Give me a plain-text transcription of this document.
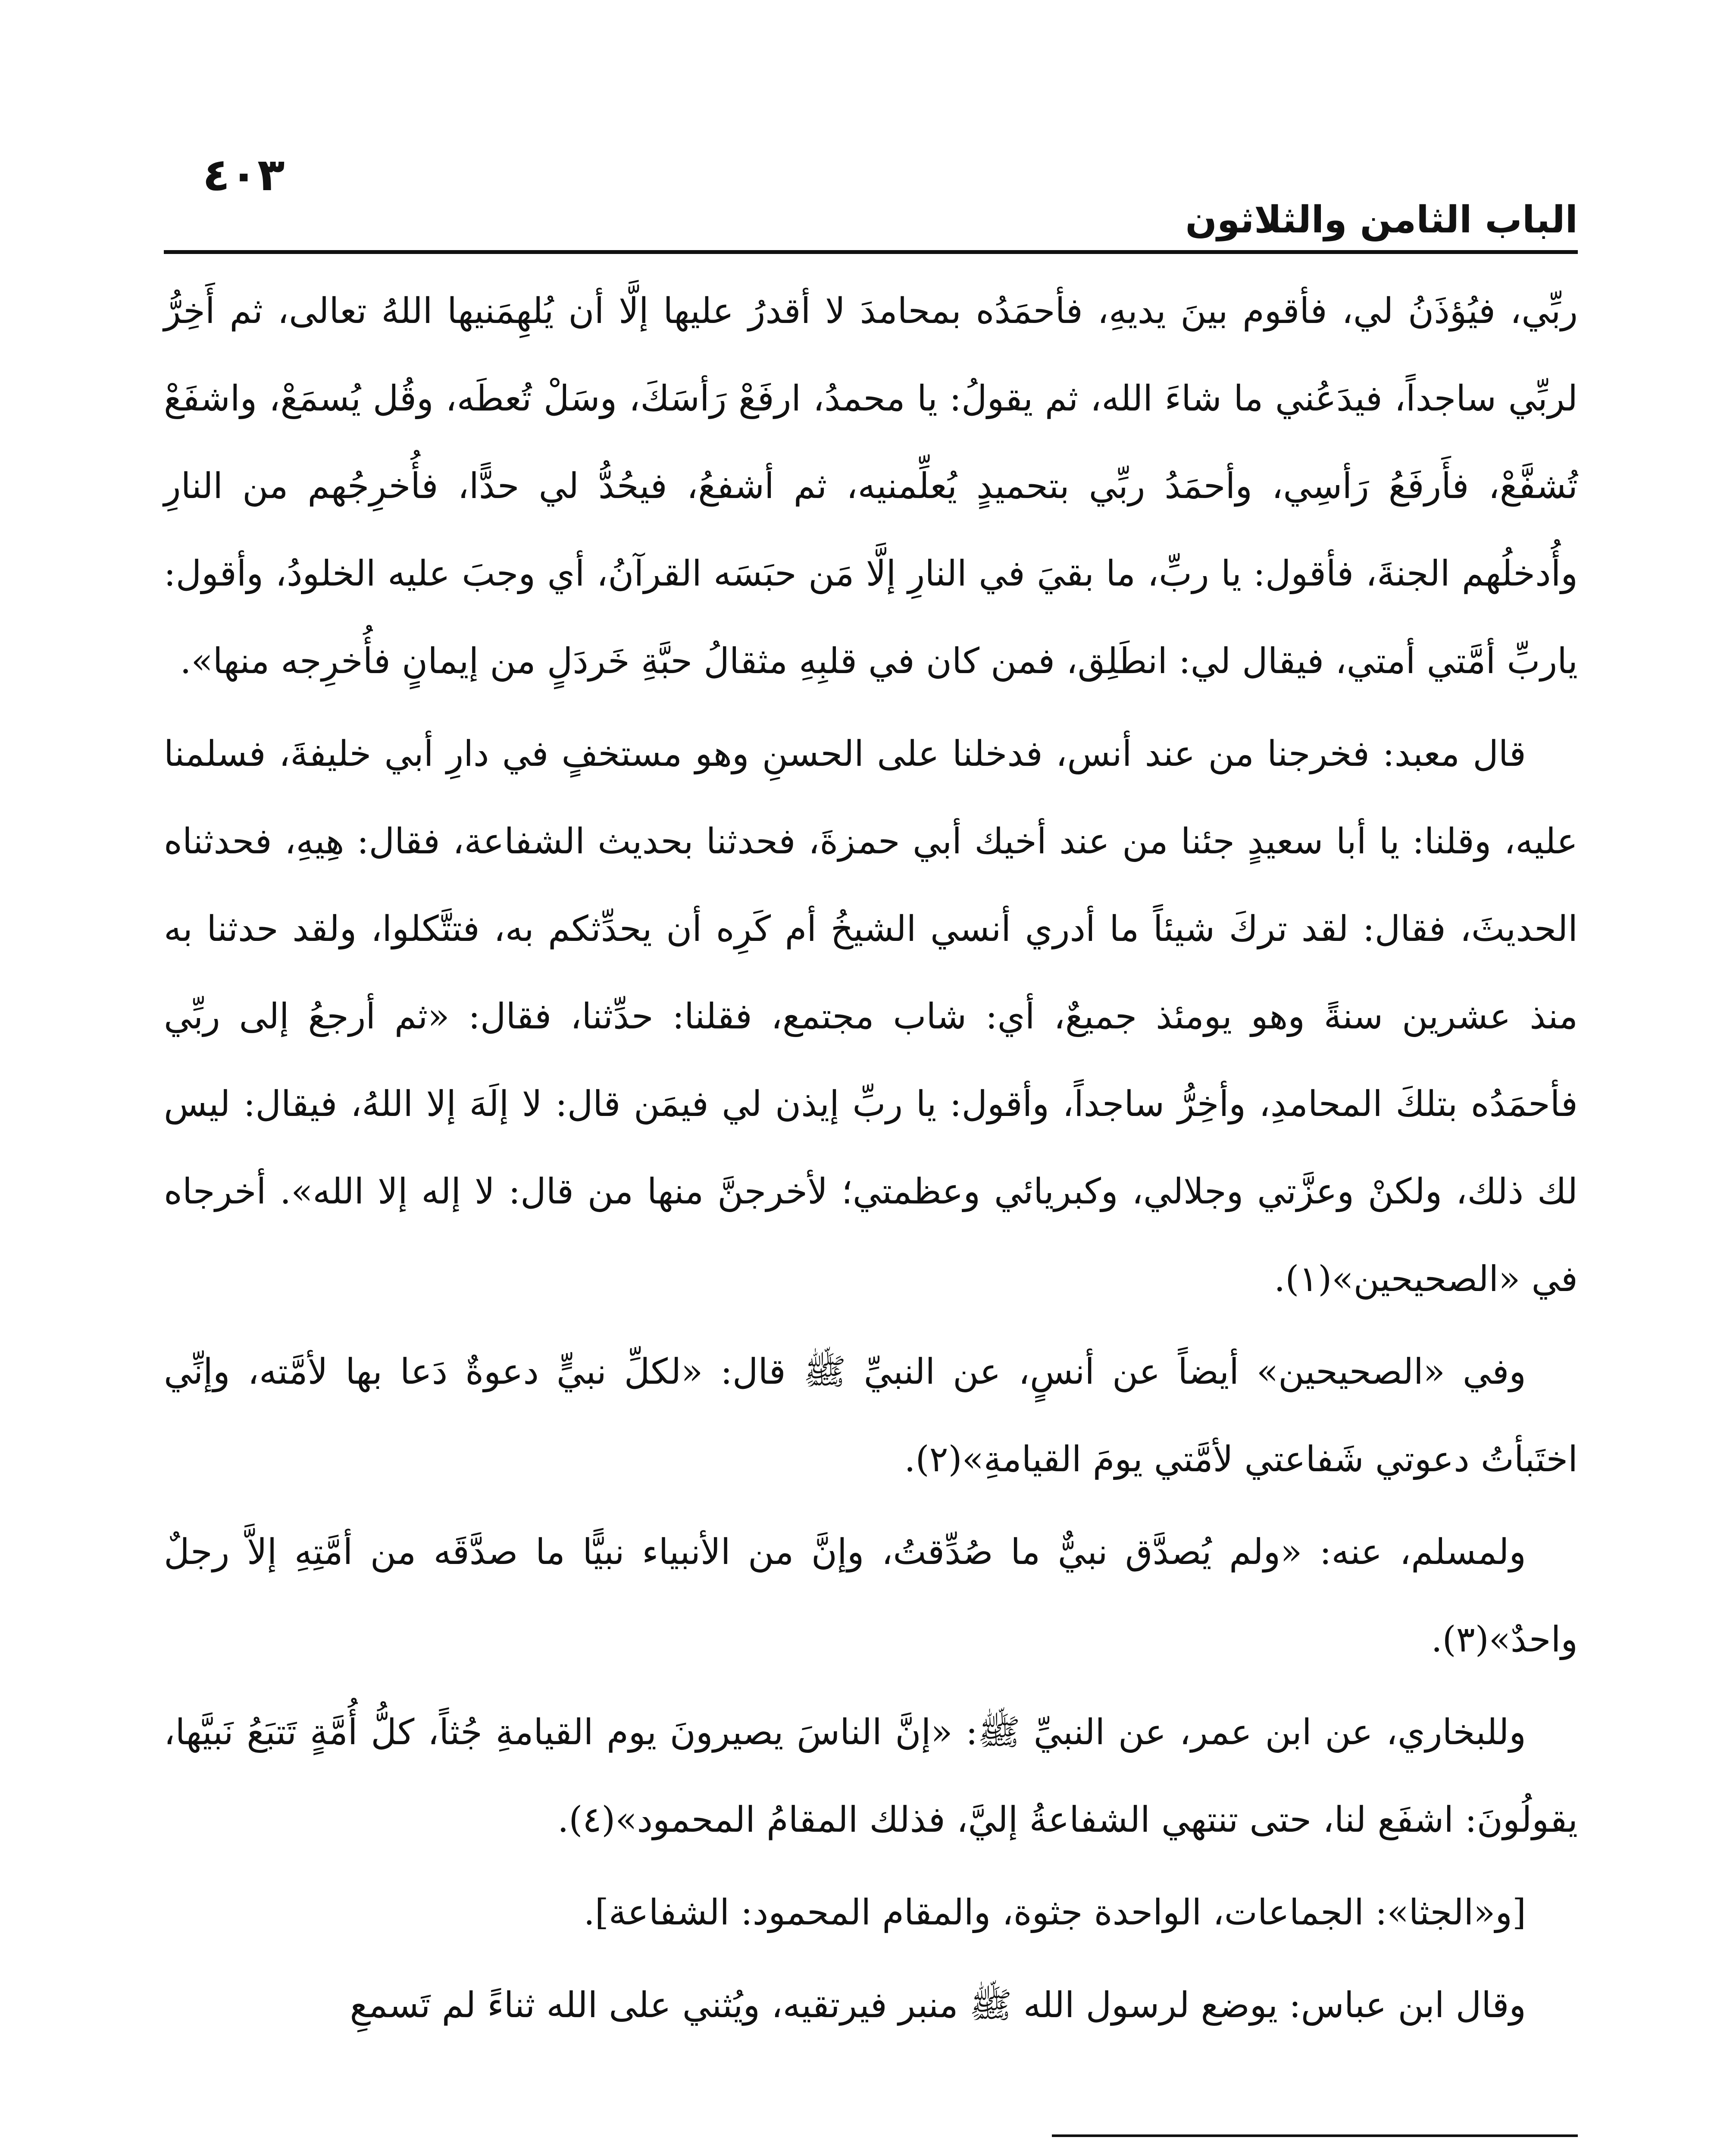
الباب الثامن والثلاثون
٤٠٣

ربِّي، فيُؤذَنُ لي، فأقوم بينَ يديهِ، فأحمَدُه بمحامدَ لا أقدرُ عليها إلَّا أن يُلهِمَنيها اللهُ تعالى، ثم أَخِرُّ لربِّي ساجداً، فيدَعُني ما شاءَ الله، ثم يقولُ: يا محمدُ، ارفَعْ رَأسَكَ، وسَلْ تُعطَه، وقُل يُسمَعْ، واشفَعْ تُشفَّعْ، فأَرفَعُ رَأسِي، وأحمَدُ ربِّي بتحميدٍ يُعلِّمنيه، ثم أشفعُ، فيحُدُّ لي حدًّا، فأُخرِجُهم من النارِ وأُدخلُهم الجنةَ، فأقول: يا ربِّ، ما بقيَ في النارِ إلَّا مَن حبَسَه القرآنُ، أي وجبَ عليه الخلودُ، وأقول: ياربِّ أمَّتي أمتي، فيقال لي: انطَلِق، فمن كان في قلبِهِ مثقالُ حبَّةِ خَردَلٍ من إيمانٍ فأُخرِجه منها».

قال معبد: فخرجنا من عند أنس، فدخلنا على الحسنِ وهو مستخفٍ في دارِ أبي خليفةَ، فسلمنا عليه، وقلنا: يا أبا سعيدٍ جئنا من عند أخيك أبي حمزةَ، فحدثنا بحديث الشفاعة، فقال: هِيهِ، فحدثناه الحديثَ، فقال: لقد تركَ شيئاً ما أدري أنسي الشيخُ أم كَرِه أن يحدِّثكم به، فتتَّكلوا، ولقد حدثنا به منذ عشرين سنةً وهو يومئذ جميعٌ، أي: شاب مجتمع، فقلنا: حدِّثنا، فقال: «ثم أرجعُ إلى ربِّي فأحمَدُه بتلكَ المحامدِ، وأخِرُّ ساجداً، وأقول: يا ربِّ إيذن لي فيمَن قال: لا إلَهَ إلا اللهُ، فيقال: ليس لك ذلك، ولكنْ وعزَّتي وجلالي، وكبريائي وعظمتي؛ لأخرجنَّ منها من قال: لا إله إلا الله». أخرجاه في «الصحيحين»(١).

وفي «الصحيحين» أيضاً عن أنسٍ، عن النبيِّ ﷺ قال: «لكلِّ نبيٍّ دعوةٌ دَعا بها لأمَّته، وإنِّي اختَبأتُ دعوتي شَفاعتي لأمَّتي يومَ القيامةِ»(٢).

ولمسلم، عنه: «ولم يُصدَّق نبيٌّ ما صُدِّقتُ، وإنَّ من الأنبياء نبيًّا ما صدَّقَه من أمَّتِهِ إلاَّ رجلٌ واحدٌ»(٣).

وللبخاري، عن ابن عمر، عن النبيِّ ﷺ: «إنَّ الناسَ يصيرونَ يوم القيامةِ جُثاً، كلُّ أُمَّةٍ تَتبَعُ نَبيَّها، يقولُونَ: اشفَع لنا، حتى تنتهي الشفاعةُ إليَّ، فذلك المقامُ المحمود»(٤).

[و«الجثا»: الجماعات، الواحدة جثوة، والمقام المحمود: الشفاعة].

وقال ابن عباس: يوضع لرسول الله ﷺ منبر فيرتقيه، ويُثني على الله ثناءً لم تَسمعِ
